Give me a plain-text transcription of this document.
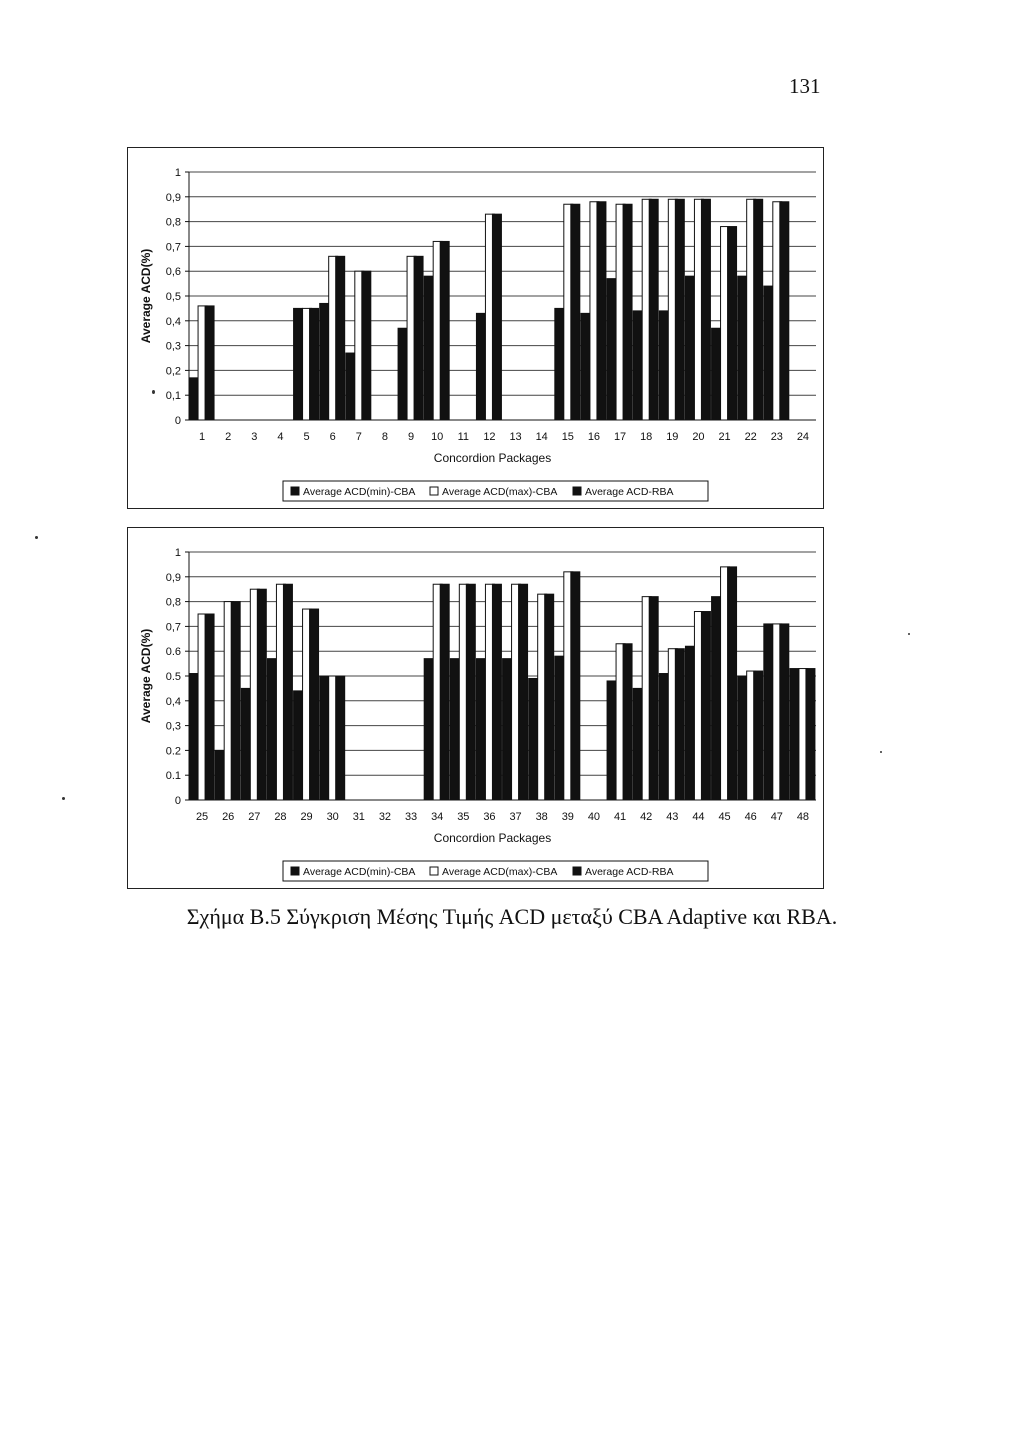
131
0
0,1
0,2
0,3
0,4
0,5
0,6
0,7
0,8
0,9
1
Average ACD(%)
1 2 3 4 5 6 7 8 9 10 11 12 13 14 15 16 17 18 19 20 21 22 23 24
Concordion Packages
Average ACD(min)-CBA	Average ACD(max)-CBA	Average ACD-RBA
0
0.1
0.2
0,3
0,4
0.5
0.6
0,7
0,8
0,9
1
Average ACD(%)
25 26 27 28 29 30 31 32 33 34 35 36 37 38 39 40 41 42 43 44 45 46 47 48
Concordion Packages
Average ACD(min)-CBA	Average ACD(max)-CBA	Average ACD-RBA
Σχήμα Β.5 Σύγκριση Μέσης Τιμής ACD μεταξύ CBA Adaptive και RBA.
